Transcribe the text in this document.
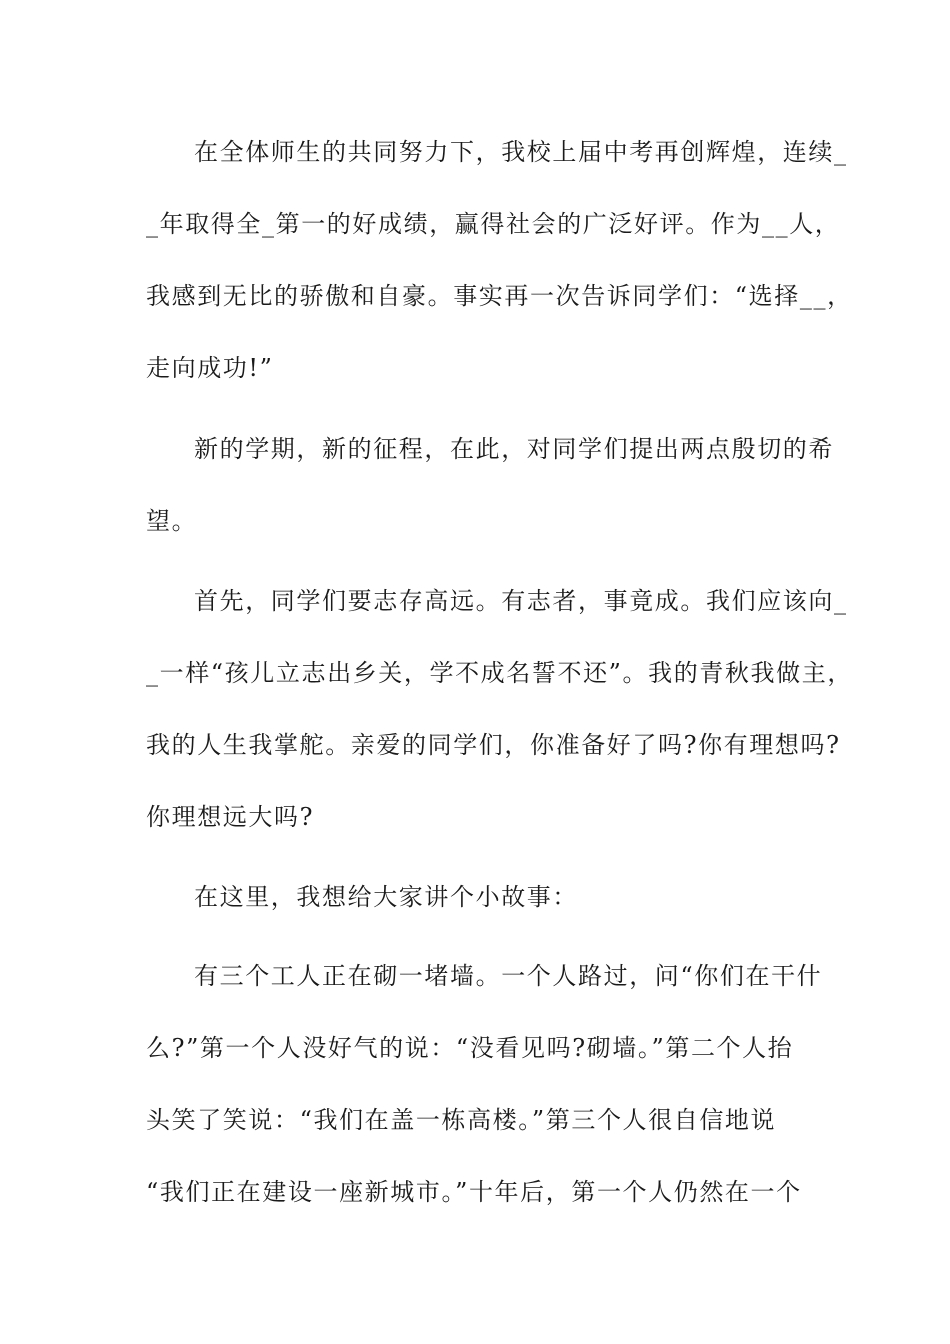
在全体师生的共同努力下，我校上届中考再创辉煌，连续_

_年取得全_第一的好成绩，赢得社会的广泛好评。作为__人，

我感到无比的骄傲和自豪。事实再一次告诉同学们：“选择__，

走向成功!”

新的学期，新的征程，在此，对同学们提出两点殷切的希

望。

首先，同学们要志存高远。有志者，事竟成。我们应该向_

_一样“孩儿立志出乡关，学不成名誓不还”。我的青秋我做主，

我的人生我掌舵。亲爱的同学们，你准备好了吗?你有理想吗?

你理想远大吗?

在这里，我想给大家讲个小故事：

有三个工人正在砌一堵墙。一个人路过，问“你们在干什

么?”第一个人没好气的说：“没看见吗?砌墙。”第二个人抬

头笑了笑说：“我们在盖一栋高楼。”第三个人很自信地说

“我们正在建设一座新城市。”十年后，第一个人仍然在一个
